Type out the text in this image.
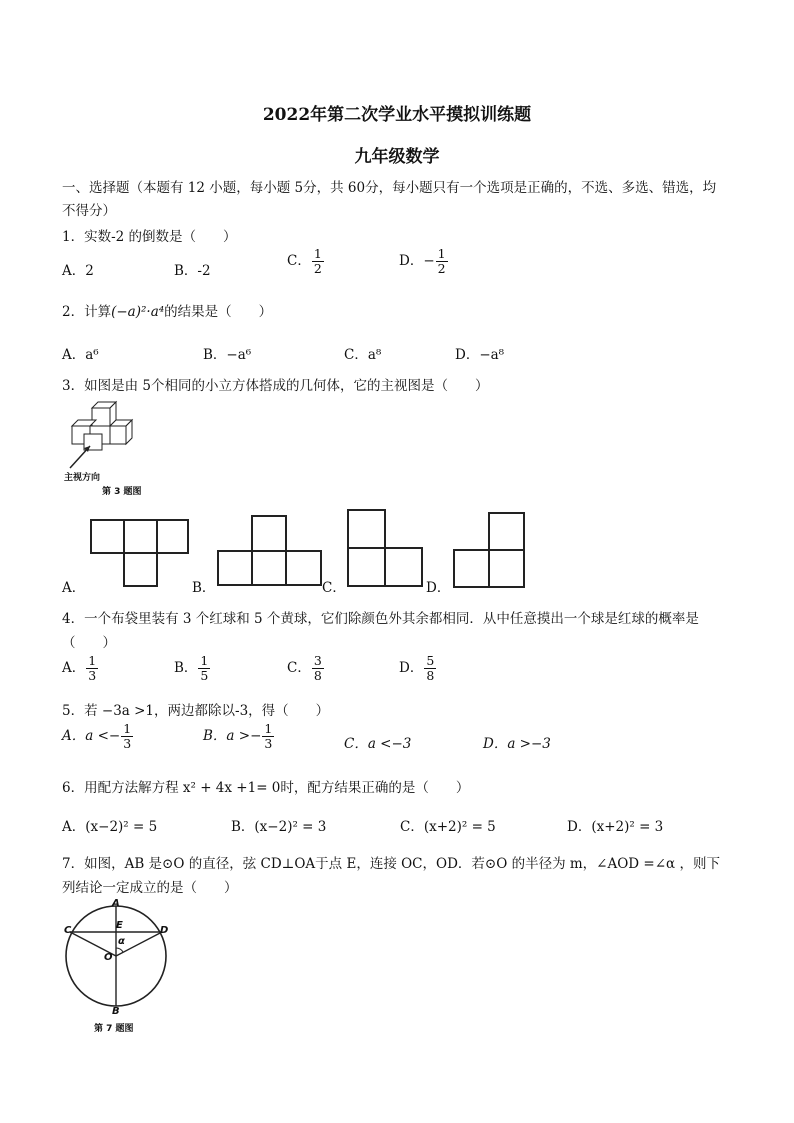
2022年第二次学业水平摸拟训练题
九年级数学
一、选择题（本题有 12 小题，每小题 5分，共 60分，每小题只有一个选项是正确的，不选、多选、错选，均
不得分）
1．实数-2 的倒数是（　　）
A．2	B．-2
C． $\frac{1}{2}$	D．− $\frac{1}{2}$
2．计算(−a)²·a⁴的结果是（　　）
A．a⁶	B．−a⁶	C．a⁸	D．−a⁸
3．如图是由 5个相同的小立方体搭成的几何体，它的主视图是（　　）
主视方向
第 3 题图
A．	B．	C．	D．
4．一个布袋里装有 3 个红球和 5 个黄球，它们除颜色外其余都相同．从中任意摸出一个球是红球的概率是
（　　）
A． $\frac{1}{3}$	B． $\frac{1}{5}$	C． $\frac{3}{8}$	D． $\frac{5}{8}$
5．若 −3a >1，两边都除以-3，得（　　）
A．$a <- \frac{1}{3}$	B．$a >- \frac{1}{3}$	C．a <−3	D．a >−3
6．用配方法解方程 x² + 4x +1= 0时，配方结果正确的是（　　）
A．(x−2)² = 5	B．(x−2)² = 3	C．(x+2)² = 5	D．(x+2)² = 3
7．如图，AB 是⊙O 的直径，弦 CD⊥OA于点 E，连接 OC，OD．若⊙O 的半径为 m，∠AOD =∠α ，则下
列结论一定成立的是（　　）
A
C	D
E
α
O
B
第 7 题图
